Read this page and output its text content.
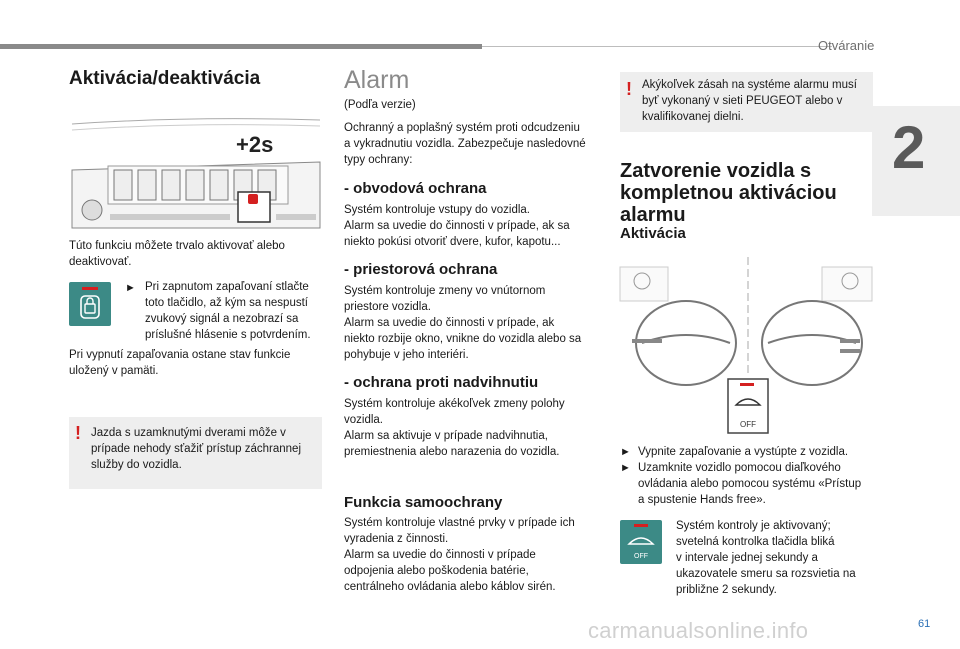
Otváranie
2
Aktivácia/deaktivácia
+2s

Túto funkciu môžete trvalo aktivovať alebo deaktivovať.

► Pri zapnutom zapaľovaní stlačte
toto tlačidlo, až kým sa nespustí
zvukový signál a nezobrazí sa
príslušné hlásenie s potvrdením.
Pri vypnutí zapaľovania ostane stav funkcie
uložený v pamäti.
! Jazda s uzamknutými dverami môže v
prípade nehody sťažiť prístup záchrannej
služby do vozidla.
Alarm

(Podľa verzie)

Ochranný a poplašný systém proti odcudzeniu
a vykradnutiu vozidla. Zabezpečuje nasledovné
typy ochrany:
- obvodová ochrana
Systém kontroluje vstupy do vozidla.
Alarm sa uvedie do činnosti v prípade, ak sa
niekto pokúsi otvoriť dvere, kufor, kapotu...
- priestorová ochrana
Systém kontroluje zmeny vo vnútornom
priestore vozidla.
Alarm sa uvedie do činnosti v prípade, ak
niekto rozbije okno, vnikne do vozidla alebo sa
pohybuje v jeho interiéri.
- ochrana proti nadvihnutiu
Systém kontroluje akékoľvek zmeny polohy
vozidla.
Alarm sa aktivuje v prípade nadvihnutia,
premiestnenia alebo narazenia do vozidla.
Funkcia samoochrany
Systém kontroluje vlastné prvky v prípade ich
vyradenia z činnosti.
Alarm sa uvedie do činnosti v prípade
odpojenia alebo poškodenia batérie,
centrálneho ovládania alebo káblov sirén.
! Akýkoľvek zásah na systéme alarmu musí
byť vykonaný v sieti PEUGEOT alebo v
kvalifikovanej dielni.
Zatvorenie vozidla s
kompletnou aktiváciou
alarmu
Aktivácia
OFF
► Vypnite zapaľovanie a vystúpte z vozidla.
► Uzamknite vozidlo pomocou diaľkového
ovládania alebo pomocou systému «Prístup
a spustenie Hands free».
OFF
Systém kontroly je aktivovaný;
svetelná kontrolka tlačidla bliká
v intervale jednej sekundy a
ukazovatele smeru sa rozsvietia na
približne 2 sekundy.
carmanualsonline.info	61
